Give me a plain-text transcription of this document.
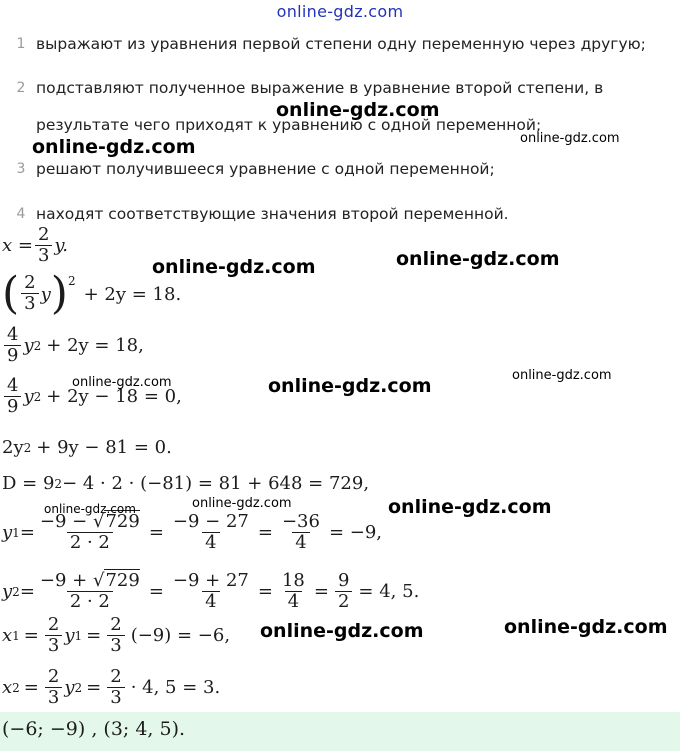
online-gdz.com
1 выражают из уравнения первой степени одну переменную через другую;
2 подставляют полученное выражение в уравнение второй степени, в
результате чего приходят к уравнению с одной переменной;
3 решают получившееся уравнение с одной переменной;
4 находят соответствующие значения второй переменной.
$x = \frac{2}{3} y$.
( $\frac{2}{3}$ y )$^2$
+ 2y = 18.
$\frac{4}{9}$ y 2 + 2y = 18,
$\frac{4}{9}$ y 2 + 2y − 18 = 0,
2y 2 + 9y − 81 = 0.
D = 9 2 − 4 · 2 · (−81) = 81 + 648 = 729,
y $1 = \frac{-9 - √729}{2 \cdot 2} = \frac{-9 - 27}{4} = \frac{-36}{4} = -9$,
y $2 = \frac{-9 + √729}{2 \cdot 2} = \frac{-9 + 27}{4} = \frac{18}{4} = \frac{9}{2} = 4$, 5.
x $1 = \frac{2}{3}$ y $1 = \frac{2}{3} (-9) = -6$,
x $2 = \frac{2}{3}$ y $2 = \frac{2}{3} \cdot 4$, 5 = 3.
(−6; −9) , (3; 4, 5).
online-gdz.com
online-gdz.com	online-gdz.com
online-gdz.com	online-gdz.com
online-gdz.com	online-gdz.com	online-gdz.com
online-gdz.com	online-gdz.com
online-gdz.com
online-gdz.com	online-gdz.com
